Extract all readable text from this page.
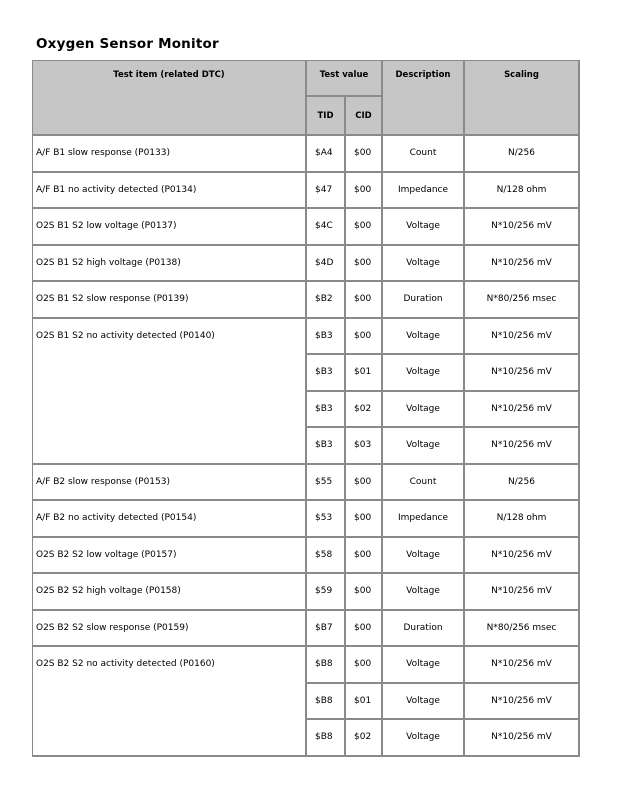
Oxygen Sensor Monitor
Test item (related DTC)	Test value		Description	Scaling
	TID	CID		
A/F B1 slow response (P0133)	$A4	$00	Count	N/256
A/F B1 no activity detected (P0134)	$47	$00	Impedance	N/128 ohm
O2S B1 S2 low voltage (P0137)	$4C	$00	Voltage	N*10/256 mV
O2S B1 S2 high voltage (P0138)	$4D	$00	Voltage	N*10/256 mV
O2S B1 S2 slow response (P0139)	$B2	$00	Duration	N*80/256 msec
O2S B1 S2 no activity detected (P0140)	$B3	$00	Voltage	N*10/256 mV
	$B3	$01	Voltage	N*10/256 mV
	$B3	$02	Voltage	N*10/256 mV
	$B3	$03	Voltage	N*10/256 mV
A/F B2 slow response (P0153)	$55	$00	Count	N/256
A/F B2 no activity detected (P0154)	$53	$00	Impedance	N/128 ohm
O2S B2 S2 low voltage (P0157)	$58	$00	Voltage	N*10/256 mV
O2S B2 S2 high voltage (P0158)	$59	$00	Voltage	N*10/256 mV
O2S B2 S2 slow response (P0159)	$B7	$00	Duration	N*80/256 msec
O2S B2 S2 no activity detected (P0160)	$B8	$00	Voltage	N*10/256 mV
	$B8	$01	Voltage	N*10/256 mV
	$B8	$02	Voltage	N*10/256 mV
